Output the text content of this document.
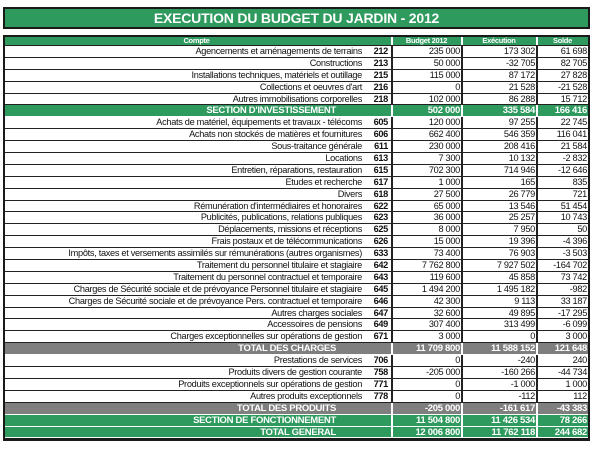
EXECUTION DU BUDGET DU JARDIN - 2012
Compte	Budget 2012	Exécution	Solde
Agencements et aménagements de terrains	212	235 000	173 302	61 698
Constructions	213	50 000	-32 705	82 705
Installations techniques, matériels et outillage	215	115 000	87 172	27 828
Collections et oeuvres d'art	216	0	21 528	-21 528
Autres immobilisations corporelles	218	102 000	86 288	15 712
SECTION D'INVESTISSEMENT	502 000	335 584	166 416
Achats de matériel, équipements et travaux - télécoms	605	120 000	97 255	22 745
Achats non stockés de matières et fournitures	606	662 400	546 359	116 041
Sous-traitance générale	611	230 000	208 416	21 584
Locations	613	7 300	10 132	-2 832
Entretien, réparations, restauration	615	702 300	714 946	-12 646
Etudes et recherche	617	1 000	165	835
Divers	618	27 500	26 779	721
Rémunération d'intermédiaires et honoraires	622	65 000	13 546	51 454
Publicités, publications, relations publiques	623	36 000	25 257	10 743
Déplacements, missions et réceptions	625	8 000	7 950	50
Frais postaux et de télécommunications	626	15 000	19 396	-4 396
Impôts, taxes et versements assimilés sur rémunérations (autres organismes)	633	73 400	76 903	-3 503
Traitement du personnel titulaire et stagiaire	642	7 762 800	7 927 502	-164 702
Traitement du personnel contractuel et temporaire	643	119 600	45 858	73 742
Charges de Sécurité sociale et de prévoyance Personnel titulaire et stagiaire	645	1 494 200	1 495 182	-982
Charges de Sécurité sociale et de prévoyance Pers. contractuel et temporaire	646	42 300	9 113	33 187
Autres charges sociales	647	32 600	49 895	-17 295
Accessoires de pensions	649	307 400	313 499	-6 099
Charges exceptionnelles sur opérations de gestion	671	3 000	0	3 000
TOTAL DES CHARGES	11 709 800	11 588 152	121 648
Prestations de services	706	0	-240	240
Produits divers de gestion courante	758	-205 000	-160 266	-44 734
Produits exceptionnels sur opérations de gestion	771	0	-1 000	1 000
Autres produits exceptionnels	778	0	-112	112
TOTAL DES PRODUITS	-205 000	-161 617	-43 383
SECTION DE FONCTIONNEMENT	11 504 800	11 426 534	78 266
TOTAL GENERAL	12 006 800	11 762 118	244 682
